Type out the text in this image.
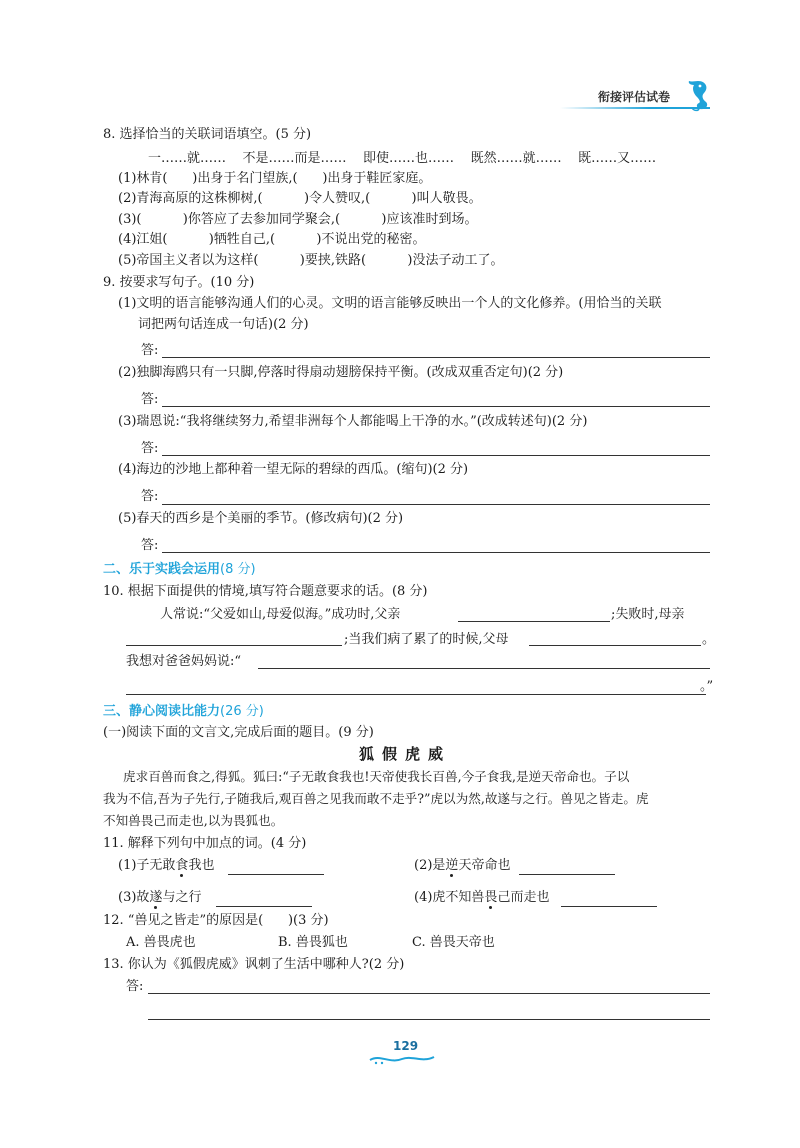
衔接评估试卷
8. 选择恰当的关联词语填空。(5 分)
一……就……    不是……而是……    即使……也……    既然……就……    既……又……
(1)林肯(      )出身于名门望族,(      )出身于鞋匠家庭。
(2)青海高原的这株柳树,(          )令人赞叹,(          )叫人敬畏。
(3)(          )你答应了去参加同学聚会,(          )应该准时到场。
(4)江姐(          )牺牲自己,(          )不说出党的秘密。
(5)帝国主义者以为这样(          )要挟,铁路(          )没法子动工了。
9. 按要求写句子。(10 分)
(1)文明的语言能够沟通人们的心灵。文明的语言能够反映出一个人的文化修养。(用恰当的关联
词把两句话连成一句话)(2 分)
答:
(2)独脚海鸥只有一只脚,停落时得扇动翅膀保持平衡。(改成双重否定句)(2 分)
答:
(3)瑞恩说:“我将继续努力,希望非洲每个人都能喝上干净的水。”(改成转述句)(2 分)
答:
(4)海边的沙地上都种着一望无际的碧绿的西瓜。(缩句)(2 分)
答:
(5)春天的西乡是个美丽的季节。(修改病句)(2 分)
答:
二、乐于实践会运用(8 分)
10. 根据下面提供的情境,填写符合题意要求的话。(8 分)
人常说:“父爱如山,母爱似海。”成功时,父亲	;失败时,母亲
;当我们病了累了的时候,父母	。
我想对爸爸妈妈说:“
。”
三、静心阅读比能力(26 分)
(一)阅读下面的文言文,完成后面的题目。(9 分)
狐假虎威
虎求百兽而食之,得狐。狐曰:“子无敢食我也!天帝使我长百兽,今子食我,是逆天帝命也。子以
我为不信,吾为子先行,子随我后,观百兽之见我而敢不走乎?”虎以为然,故遂与之行。兽见之皆走。虎
不知兽畏己而走也,以为畏狐也。
11. 解释下列句中加点的词。(4 分)
(1)子无敢食我也	(2)是逆天帝命也
(3)故遂与之行	(4)虎不知兽畏己而走也
12. “兽见之皆走”的原因是(      )(3 分)
A. 兽畏虎也	B. 兽畏狐也	C. 兽畏天帝也
13. 你认为《狐假虎威》讽刺了生活中哪种人?(2 分)
答:
129
